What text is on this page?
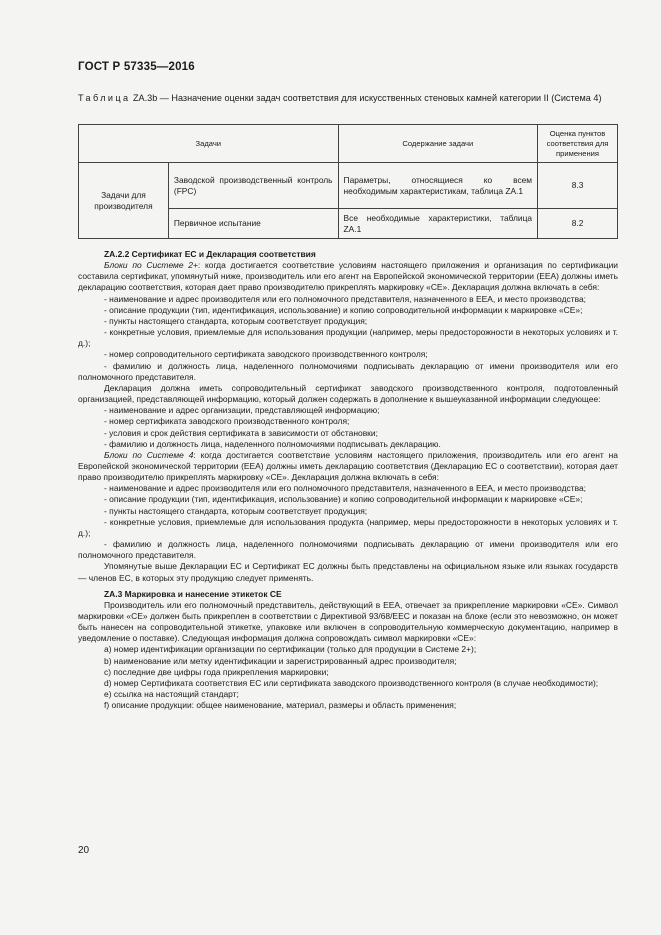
ГОСТ Р 57335—2016
Таблица ZA.3b — Назначение оценки задач соответствия для искусственных стеновых камней категории II (Система 4)
Задачи		Содержание задачи	Оценка пунктов соответствия для применения
Задачи для производителя	Заводской производственный контроль (FPC)	Параметры, относящиеся ко всем необходимым характеристикам, таблица ZA.1	8.3
	Первичное испытание	Все необходимые характеристики, таблица ZA.1	8.2

ZA.2.2 Сертификат ЕС и Декларация соответствия

Блоки по Системе 2+: когда достигается соответствие условиям настоящего приложения и организация по сертификации составила сертификат, упомянутый ниже, производитель или его агент на Европейской экономической территории (ЕЕА) должны иметь декларацию соответствия, которая дает право производителю прикреплять маркировку «СЕ». Декларация должна включать в себя:

- наименование и адрес производителя или его полномочного представителя, назначенного в ЕЕА, и место производства;

- описание продукции (тип, идентификация, использование) и копию сопроводительной информации к маркировке «СЕ»;

- пункты настоящего стандарта, которым соответствует продукция;

- конкретные условия, приемлемые для использования продукции (например, меры предосторожности в некоторых условиях и т. д.);

- номер сопроводительного сертификата заводского производственного контроля;

- фамилию и должность лица, наделенного полномочиями подписывать декларацию от имени производителя или его полномочного представителя.

Декларация должна иметь сопроводительный сертификат заводского производственного контроля, подготовленный организацией, представляющей информацию, который должен содержать в дополнение к вышеуказанной информации следующее:

- наименование и адрес организации, представляющей информацию;

- номер сертификата заводского производственного контроля;

- условия и срок действия сертификата в зависимости от обстановки;

- фамилию и должность лица, наделенного полномочиями подписывать декларацию.

Блоки по Системе 4: когда достигается соответствие условиям настоящего приложения, производитель или его агент на Европейской экономической территории (ЕЕА) должны иметь декларацию соответствия (Декларацию ЕС о соответствии), которая дает право производителю прикреплять маркировку «СЕ». Декларация должна включать в себя:

- наименование и адрес производителя или его полномочного представителя, назначенного в ЕЕА, и место производства;

- описание продукции (тип, идентификация, использование) и копию сопроводительной информации к маркировке «СЕ»;

- пункты настоящего стандарта, которым соответствует продукция;

- конкретные условия, приемлемые для использования продукта (например, меры предосторожности в некоторых условиях и т. д.);

- фамилию и должность лица, наделенного полномочиями подписывать декларацию от имени производителя или его полномочного представителя.

Упомянутые выше Декларации ЕС и Сертификат ЕС должны быть представлены на официальном языке или языках государств — членов ЕС, в которых эту продукцию следует применять.

ZA.3 Маркировка и нанесение этикеток СЕ

Производитель или его полномочный представитель, действующий в ЕЕА, отвечает за прикрепление маркировки «СЕ». Символ маркировки «СЕ» должен быть прикреплен в соответствии с Директивой 93/68/ЕЕС и показан на блоке (если это невозможно, он может быть нанесен на сопроводительной этикетке, упаковке или включен в сопроводительную коммерческую документацию, например в уведомление о поставке). Следующая информация должна сопровождать символ маркировки «СЕ»:

a) номер идентификации организации по сертификации (только для продукции в Системе 2+);

b) наименование или метку идентификации и зарегистрированный адрес производителя;

c) последние две цифры года прикрепления маркировки;

d) номер Сертификата соответствия ЕС или сертификата заводского производственного контроля (в случае необходимости);

e) ссылка на настоящий стандарт;

f) описание продукции: общее наименование, материал, размеры и область применения;

20
